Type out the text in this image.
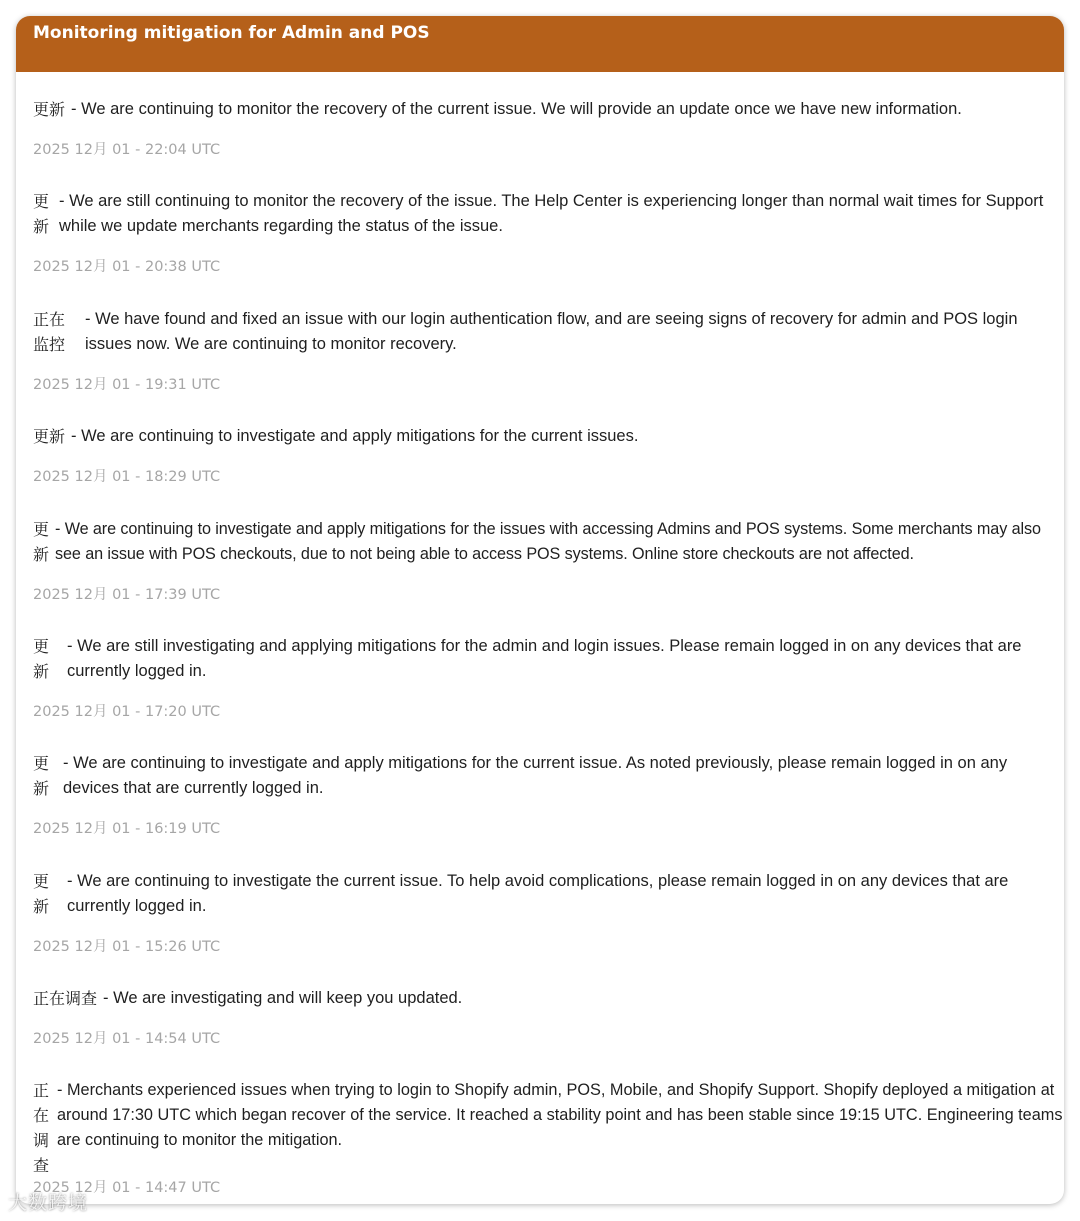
Monitoring mitigation for Admin and POS
更新 - We are continuing to monitor the recovery of the current issue. We will provide an update once we have new information.
2025 12月 01 - 22:04 UTC
更新
- We are still continuing to monitor the recovery of the issue. The Help Center is experiencing longer than normal wait times for Support while we update merchants regarding the status of the issue.
2025 12月 01 - 20:38 UTC
正在监控
- We have found and fixed an issue with our login authentication flow, and are seeing signs of recovery for admin and POS login issues now. We are continuing to monitor recovery.
2025 12月 01 - 19:31 UTC
更新 - We are continuing to investigate and apply mitigations for the current issues.
2025 12月 01 - 18:29 UTC
更新
- We are continuing to investigate and apply mitigations for the issues with accessing Admins and POS systems. Some merchants may also see an issue with POS checkouts, due to not being able to access POS systems. Online store checkouts are not affected.
2025 12月 01 - 17:39 UTC
更新
- We are still investigating and applying mitigations for the admin and login issues. Please remain logged in on any devices that are currently logged in.
2025 12月 01 - 17:20 UTC
更新
- We are continuing to investigate and apply mitigations for the current issue. As noted previously, please remain logged in on any devices that are currently logged in.
2025 12月 01 - 16:19 UTC
更新
- We are continuing to investigate the current issue. To help avoid complications, please remain logged in on any devices that are currently logged in.
2025 12月 01 - 15:26 UTC
正在调查 - We are investigating and will keep you updated.
2025 12月 01 - 14:54 UTC
正在调查
- Merchants experienced issues when trying to login to Shopify admin, POS, Mobile, and Shopify Support. Shopify deployed a mitigation at around 17:30 UTC which began recover of the service. It reached a stability point and has been stable since 19:15 UTC. Engineering teams are continuing to monitor the mitigation.
2025 12月 01 - 14:47 UTC
大数跨境
